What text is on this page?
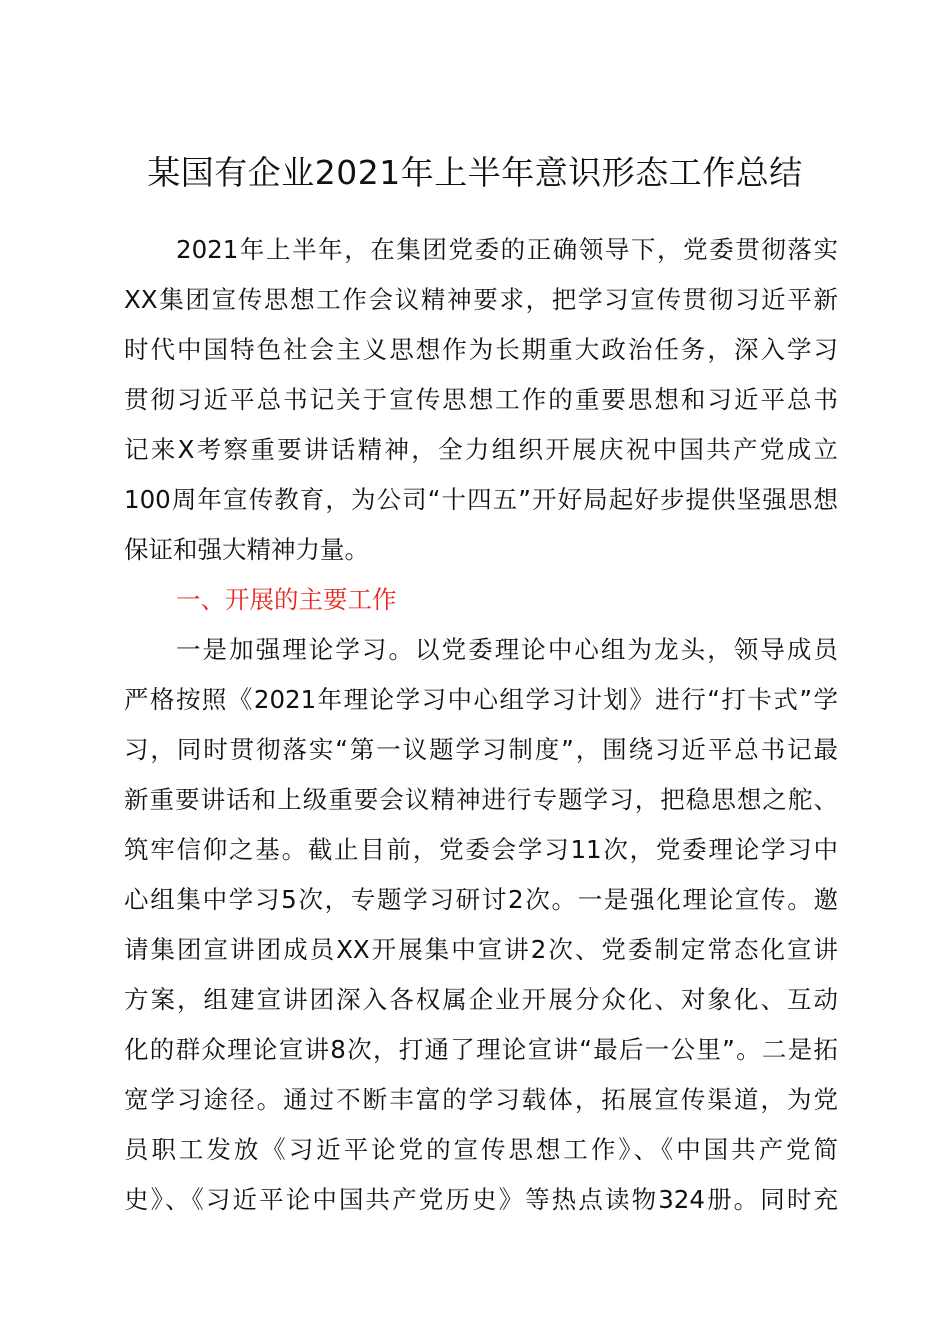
某国有企业2021年上半年意识形态工作总结
2021年上半年，在集团党委的正确领导下，党委贯彻落实
XX集团宣传思想工作会议精神要求，把学习宣传贯彻习近平新
时代中国特色社会主义思想作为长期重大政治任务，深入学习
贯彻习近平总书记关于宣传思想工作的重要思想和习近平总书
记来X考察重要讲话精神，全力组织开展庆祝中国共产党成立
100周年宣传教育，为公司“十四五”开好局起好步提供坚强思想
保证和强大精神力量。
一、开展的主要工作
一是加强理论学习。以党委理论中心组为龙头，领导成员
严格按照《2021年理论学习中心组学习计划》进行“打卡式”学
习，同时贯彻落实“第一议题学习制度”，围绕习近平总书记最
新重要讲话和上级重要会议精神进行专题学习，把稳思想之舵、
筑牢信仰之基。截止目前，党委会学习11次，党委理论学习中
心组集中学习5次，专题学习研讨2次。一是强化理论宣传。邀
请集团宣讲团成员XX开展集中宣讲2次、党委制定常态化宣讲
方案，组建宣讲团深入各权属企业开展分众化、对象化、互动
化的群众理论宣讲8次，打通了理论宣讲“最后一公里”。二是拓
宽学习途径。通过不断丰富的学习载体，拓展宣传渠道，为党
员职工发放《习近平论党的宣传思想工作》、《中国共产党简
史》、《习近平论中国共产党历史》等热点读物324册。同时充
